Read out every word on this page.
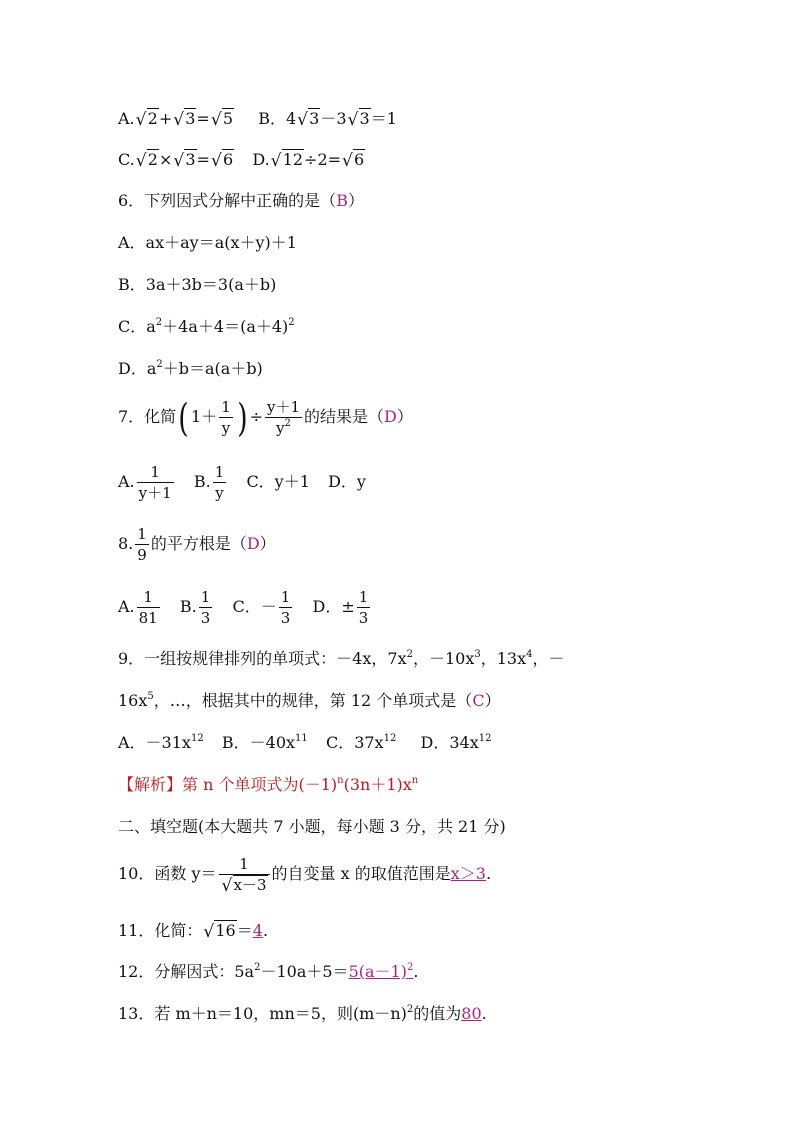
A. √ 2+ √ 3= √ 5 B．4 √ 3－3 √ 3＝1
C. √ 2× √ 3= √ 6 D. √ 12÷2= √ 6
6．下列因式分解中正确的是（B）
A．ax＋ay＝a(x＋y)＋1
B．3a＋3b＝3(a＋b)
C．$a^2+4a+4=(a+4)^2$
D．$a^2+b=a(a+b)$
7．化简( $1+ \frac{1}{y}$ ) ÷ $\frac{y+1}{y^2}$ 的结果是（D）
A. $\frac{1}{y+1} B$. $\frac{1}{y}$ C．y＋1 D．y
8. $\frac{1}{9}$ 的平方根是（D）
A. $\frac{1}{81} B$. $\frac{1}{3}$ C．－ $\frac{1}{3}$ D．± $\frac{1}{3}$
9．一组按规律排列的单项式：－4x，$7x^2$，$-10x^3$，$13x^4$，－
$16x^5$，…，根据其中的规律，第 12 个单项式是（C）
A．$-31x^{12}$ B．$-40x^{11}$ C．$37x^{12}$ D．$34x^{12}$
【解析】第 n 个单项式为$(-1)^n(3n+1)x^n$
二、填空题(本大题共 7 小题，每小题 3 分，共 21 分)
10．函数 y＝ 1
√ x－3 的自变量 x 的取值范围是x＞3.
11．化简： √ 16＝4.
12．分解因式：$5a^2-10a+5=5(a-1)^2$.
13．若 m＋n＝10，mn＝5，则$(m-n)^2$的值为80.
